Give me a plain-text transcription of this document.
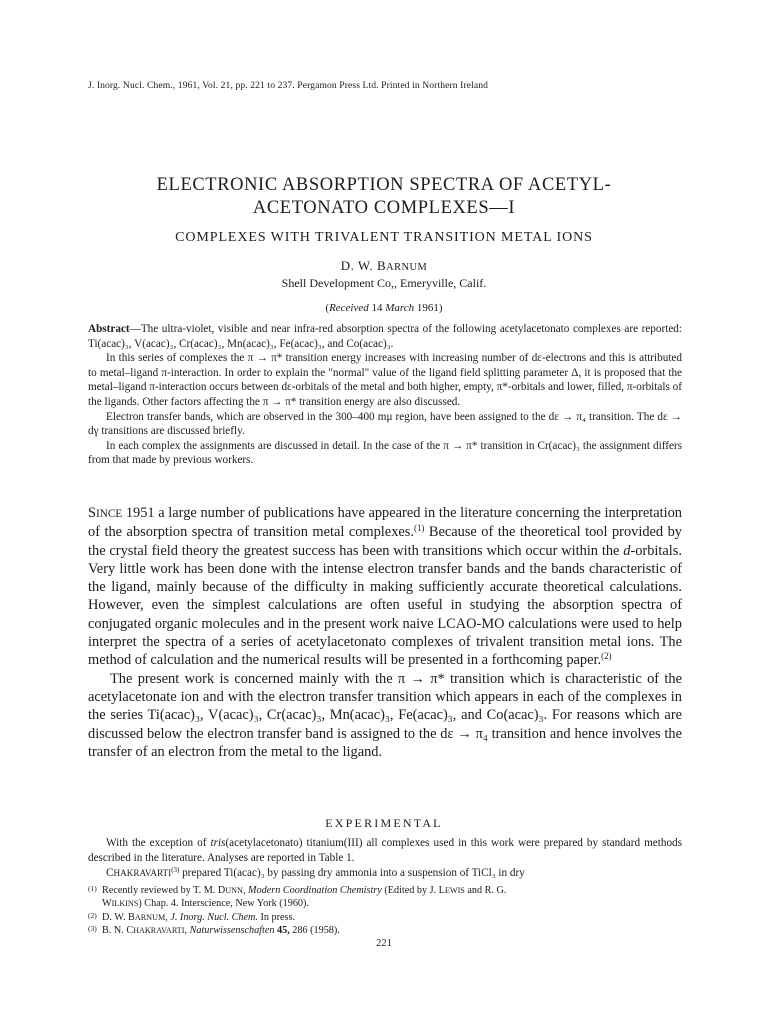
J. Inorg. Nucl. Chem., 1961, Vol. 21, pp. 221 to 237. Pergamon Press Ltd. Printed in Northern Ireland
ELECTRONIC ABSORPTION SPECTRA OF ACETYL-
ACETONATO COMPLEXES—I
COMPLEXES WITH TRIVALENT TRANSITION METAL IONS
D. W. BARNUM
Shell Development Co,, Emeryville, Calif.
(Received 14 March 1961)

Abstract—The ultra-violet, visible and near infra-red absorption spectra of the following acetylacetonato complexes are reported: Ti(acac)₃, V(acac)₃, Cr(acac)₃, Mn(acac)₃, Fe(acac)₃, and Co(acac)₃.

In this series of complexes the π → π* transition energy increases with increasing number of dε-electrons and this is attributed to metal–ligand π-interaction. In order to explain the "normal" value of the ligand field splitting parameter Δ, it is proposed that the metal–ligand π-interaction occurs between dε-orbitals of the metal and both higher, empty, π*-orbitals and lower, filled, π-orbitals of the ligands. Other factors affecting the π → π* transition energy are also discussed.

Electron transfer bands, which are observed in the 300–400 mμ region, have been assigned to the dε → π₄ transition. The dε → dγ transitions are discussed briefly.

In each complex the assignments are discussed in detail. In the case of the π → π* transition in Cr(acac)₃ the assignment differs from that made by previous workers.

SINCE 1951 a large number of publications have appeared in the literature concerning the interpretation of the absorption spectra of transition metal complexes.$^{(1)}$ Because of the theoretical tool provided by the crystal field theory the greatest success has been with transitions which occur within the d-orbitals. Very little work has been done with the intense electron transfer bands and the bands characteristic of the ligand, mainly because of the difficulty in making sufficiently accurate theoretical calculations. However, even the simplest calculations are often useful in studying the absorption spectra of conjugated organic molecules and in the present work naive LCAO-MO calculations were used to help interpret the spectra of a series of acetylacetonato complexes of trivalent transition metal ions. The method of calculation and the numerical results will be presented in a forthcoming paper.$^{(2)}$

The present work is concerned mainly with the π → π* transition which is characteristic of the acetylacetonate ion and with the electron transfer transition which appears in each of the complexes in the series Ti(acac)₃, V(acac)₃, Cr(acac)₃, Mn(acac)₃, Fe(acac)₃, and Co(acac)₃. For reasons which are discussed below the electron transfer band is assigned to the dε → π₄ transition and hence involves the transfer of an electron from the metal to the ligand.

EXPERIMENTAL

With the exception of tris(acetylacetonato) titanium(III) all complexes used in this work were prepared by standard methods described in the literature. Analyses are reported in Table 1.

CHAKRAVARTI$^{(3)}$ prepared Ti(acac)₃ by passing dry ammonia into a suspension of TiCl₃ in dry

(1) Recently reviewed by T. M. DUNN, Modern Coordination Chemistry (Edited by J. LEWIS and R. G.
WILKINS) Chap. 4. Interscience, New York (1960).
(2) D. W. BARNUM, J. Inorg. Nucl. Chem. In press.
(3) B. N. CHAKRAVARTI, Naturwissenschaften 45, 286 (1958).
221
